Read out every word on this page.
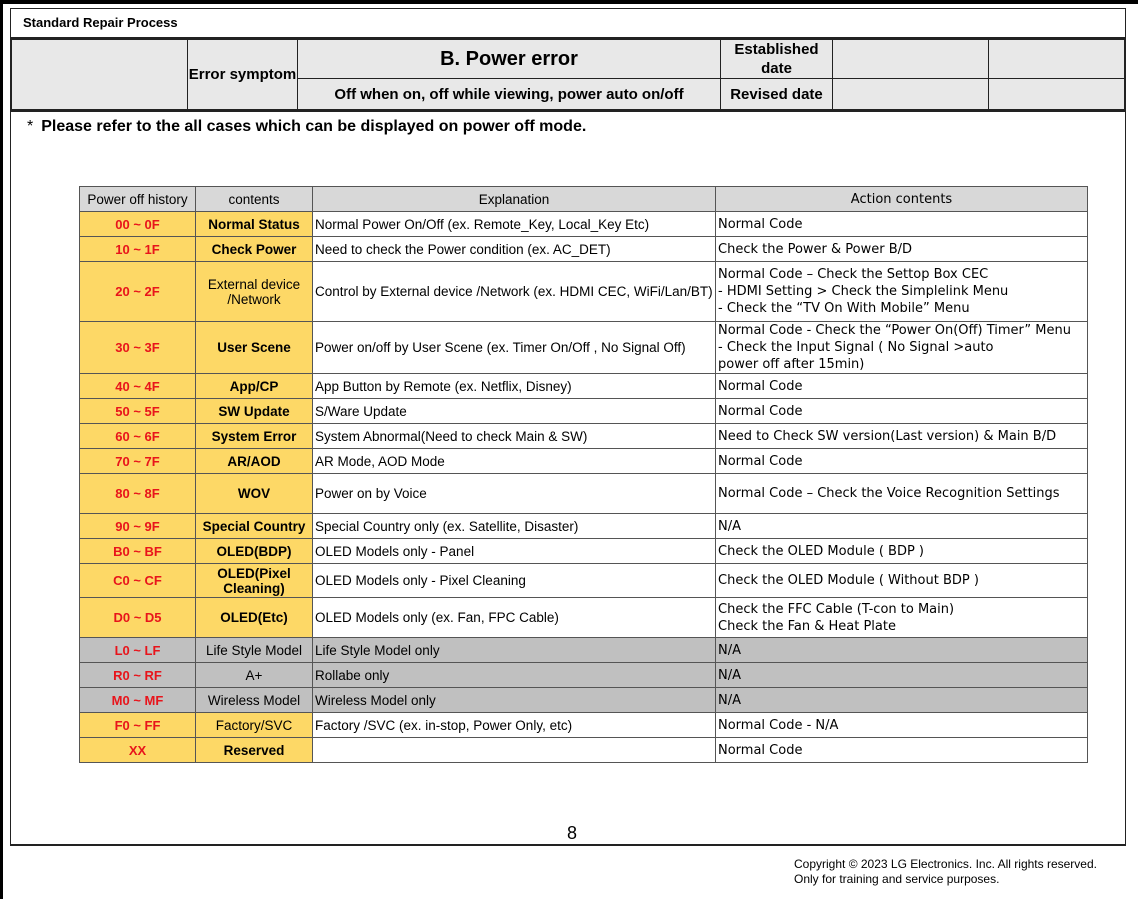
Standard Repair Process
	Error symptom	B. Power error	Established date		
		Off when on, off while viewing, power auto on/off	Revised date		
* Please refer to the all cases which can be displayed on power off mode.
Power off history	contents	Explanation	Action contents
00 ~ 0F	Normal Status	Normal Power On/Off (ex. Remote_Key, Local_Key Etc)	Normal Code
10 ~ 1F	Check Power	Need to check the Power condition (ex. AC_DET)	Check the Power & Power B/D
20 ~ 2F	External device /Network	Control by External device /Network (ex. HDMI CEC, WiFi/Lan/BT)	Normal Code – Check the Settop Box CEC
- HDMI Setting > Check the Simplelink Menu
- Check the “TV On With Mobile” Menu
30 ~ 3F	User Scene	Power on/off by User Scene (ex. Timer On/Off , No Signal Off)	Normal Code - Check the “Power On(Off) Timer” Menu
- Check the Input Signal ( No Signal >auto
power off after 15min)
40 ~ 4F	App/CP	App Button by Remote (ex. Netflix, Disney)	Normal Code
50 ~ 5F	SW Update	S/Ware Update	Normal Code
60 ~ 6F	System Error	System Abnormal(Need to check Main & SW)	Need to Check SW version(Last version) & Main B/D
70 ~ 7F	AR/AOD	AR Mode, AOD Mode	Normal Code
80 ~ 8F	WOV	Power on by Voice	Normal Code – Check the Voice Recognition Settings
90 ~ 9F	Special Country	Special Country only (ex. Satellite, Disaster)	N/A
B0 ~ BF	OLED(BDP)	OLED Models only - Panel	Check the OLED Module ( BDP )
C0 ~ CF	OLED(Pixel Cleaning)	OLED Models only - Pixel Cleaning	Check the OLED Module ( Without BDP )
D0 ~ D5	OLED(Etc)	OLED Models only (ex. Fan, FPC Cable)	Check the FFC Cable (T-con to Main)
Check the Fan & Heat Plate
L0 ~ LF	Life Style Model	Life Style Model only	N/A
R0 ~ RF	A+	Rollabe only	N/A
M0 ~ MF	Wireless Model	Wireless Model only	N/A
F0 ~ FF	Factory/SVC	Factory /SVC (ex. in-stop, Power Only, etc)	Normal Code - N/A
XX	Reserved		Normal Code
8
Copyright © 2023 LG Electronics. Inc. All rights reserved.
Only for training and service purposes.
